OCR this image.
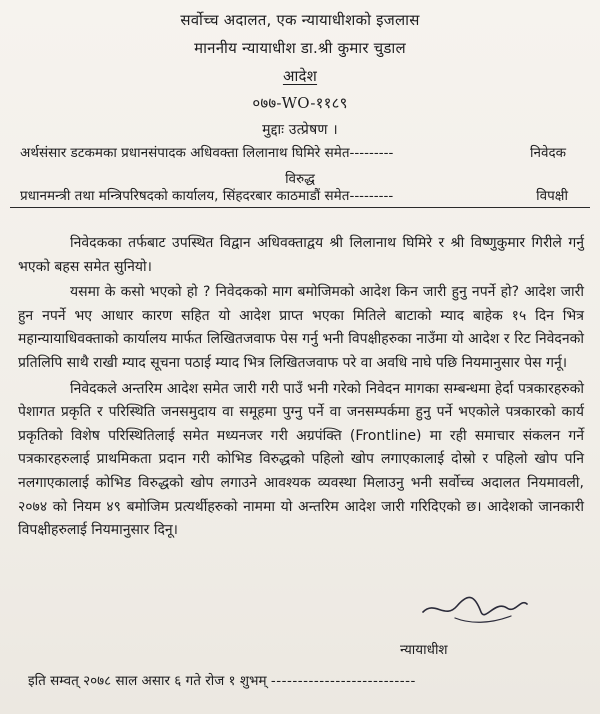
सर्वोच्च अदालत, एक न्यायाधीशको इजलास
माननीय न्यायाधीश डा.श्री कुमार चुडाल
आदेश
०७७-WO-११८९
मुद्दाः उत्प्रेषण ।
अर्थसंसार डटकमका प्रधानसंपादक अधिवक्ता लिलानाथ घिमिरे समेत---------	निवेदक
विरुद्ध
प्रधानमन्त्री तथा मन्त्रिपरिषदको कार्यालय, सिंहदरबार काठमाडौं समेत---------	विपक्षी

निवेदकका तर्फबाट उपस्थित विद्वान अधिवक्ताद्वय श्री लिलानाथ घिमिरे र श्री विष्णुकुमार गिरीले गर्नु भएको बहस समेत सुनियो।

यसमा के कसो भएको हो ? निवेदकको माग बमोजिमको आदेश किन जारी हुनु नपर्ने हो? आदेश जारी हुन नपर्ने भए आधार कारण सहित यो आदेश प्राप्त भएका मितिले बाटाको म्याद बाहेक १५ दिन भित्र महान्यायाधिवक्ताको कार्यालय मार्फत लिखितजवाफ पेस गर्नु भनी विपक्षीहरुका नाउँमा यो आदेश र रिट निवेदनको प्रतिलिपि साथै राखी म्याद सूचना पठाई म्याद भित्र लिखितजवाफ परे वा अवधि नाघे पछि नियमानुसार पेस गर्नू।

निवेदकले अन्तरिम आदेश समेत जारी गरी पाउँ भनी गरेको निवेदन मागका सम्बन्धमा हेर्दा पत्रकारहरुको पेशागत प्रकृति र परिस्थिति जनसमुदाय वा समूहमा पुग्नु पर्ने वा जनसम्पर्कमा हुनु पर्ने भएकोले पत्रकारको कार्य प्रकृतिको विशेष परिस्थितिलाई समेत मध्यनजर गरी अग्रपंक्ति (Frontline) मा रही समाचार संकलन गर्ने पत्रकारहरुलाई प्राथमिकता प्रदान गरी कोभिड विरुद्धको पहिलो खोप लगाएकालाई दोस्रो र पहिलो खोप पनि नलगाएकालाई कोभिड विरुद्धको खोप लगाउने आवश्यक व्यवस्था मिलाउनु भनी सर्वोच्च अदालत नियमावली, २०७४ को नियम ४९ बमोजिम प्रत्यर्थीहरुको नाममा यो अन्तरिम आदेश जारी गरिदिएको छ। आदेशको जानकारी विपक्षीहरुलाई नियमानुसार दिनू।

न्यायाधीश
इति सम्वत् २०७८ साल असार ६ गते रोज १ शुभम् ---------------------------
